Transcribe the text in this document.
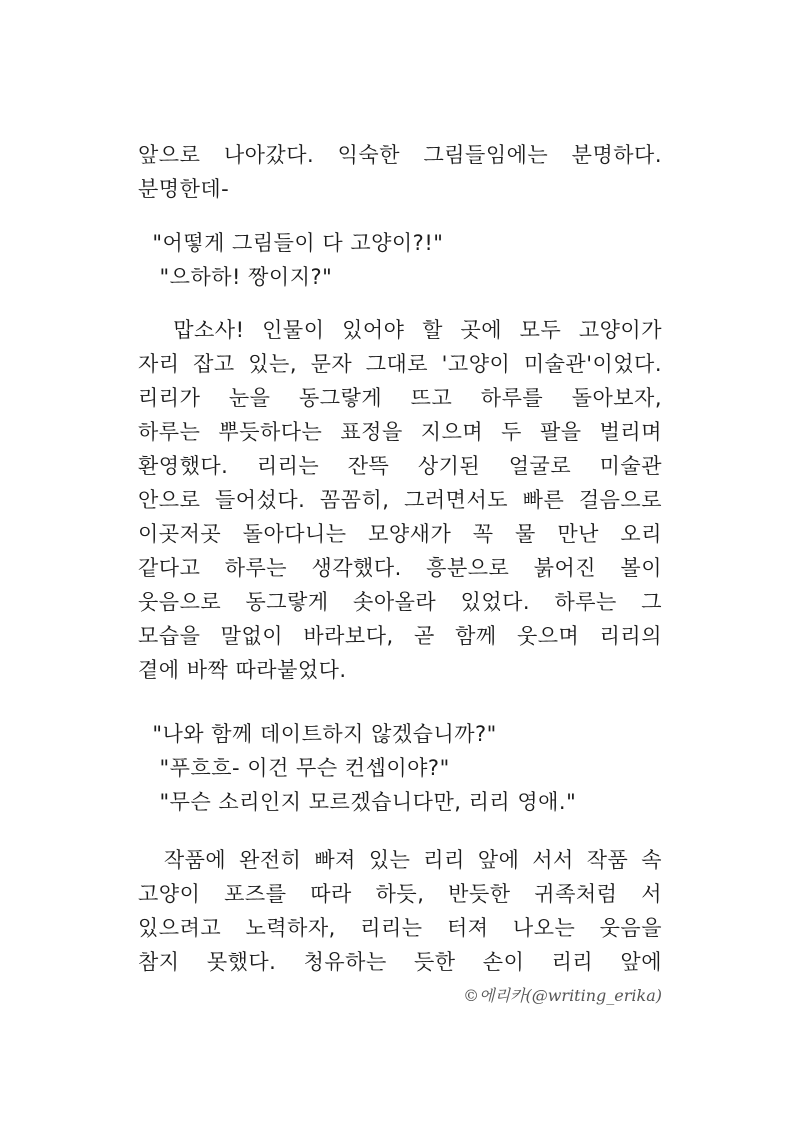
앞으로 나아갔다. 익숙한 그림들임에는 분명하다.
분명한데-
"어떻게 그림들이 다 고양이?!"
"으하하! 짱이지?"
맙소사! 인물이 있어야 할 곳에 모두 고양이가
자리 잡고 있는, 문자 그대로 '고양이 미술관'이었다.
리리가 눈을 동그랗게 뜨고 하루를 돌아보자,
하루는 뿌듯하다는 표정을 지으며 두 팔을 벌리며
환영했다. 리리는 잔뜩 상기된 얼굴로 미술관
안으로 들어섰다. 꼼꼼히, 그러면서도 빠른 걸음으로
이곳저곳 돌아다니는 모양새가 꼭 물 만난 오리
같다고 하루는 생각했다. 흥분으로 붉어진 볼이
웃음으로 동그랗게 솟아올라 있었다. 하루는 그
모습을 말없이 바라보다, 곧 함께 웃으며 리리의
곁에 바짝 따라붙었다.
"나와 함께 데이트하지 않겠습니까?"
"푸흐흐- 이건 무슨 컨셉이야?"
"무슨 소리인지 모르겠습니다만, 리리 영애."
작품에 완전히 빠져 있는 리리 앞에 서서 작품 속
고양이 포즈를 따라 하듯, 반듯한 귀족처럼 서
있으려고 노력하자, 리리는 터져 나오는 웃음을
참지 못했다. 청유하는 듯한 손이 리리 앞에
©에리카(@writing_erika)
